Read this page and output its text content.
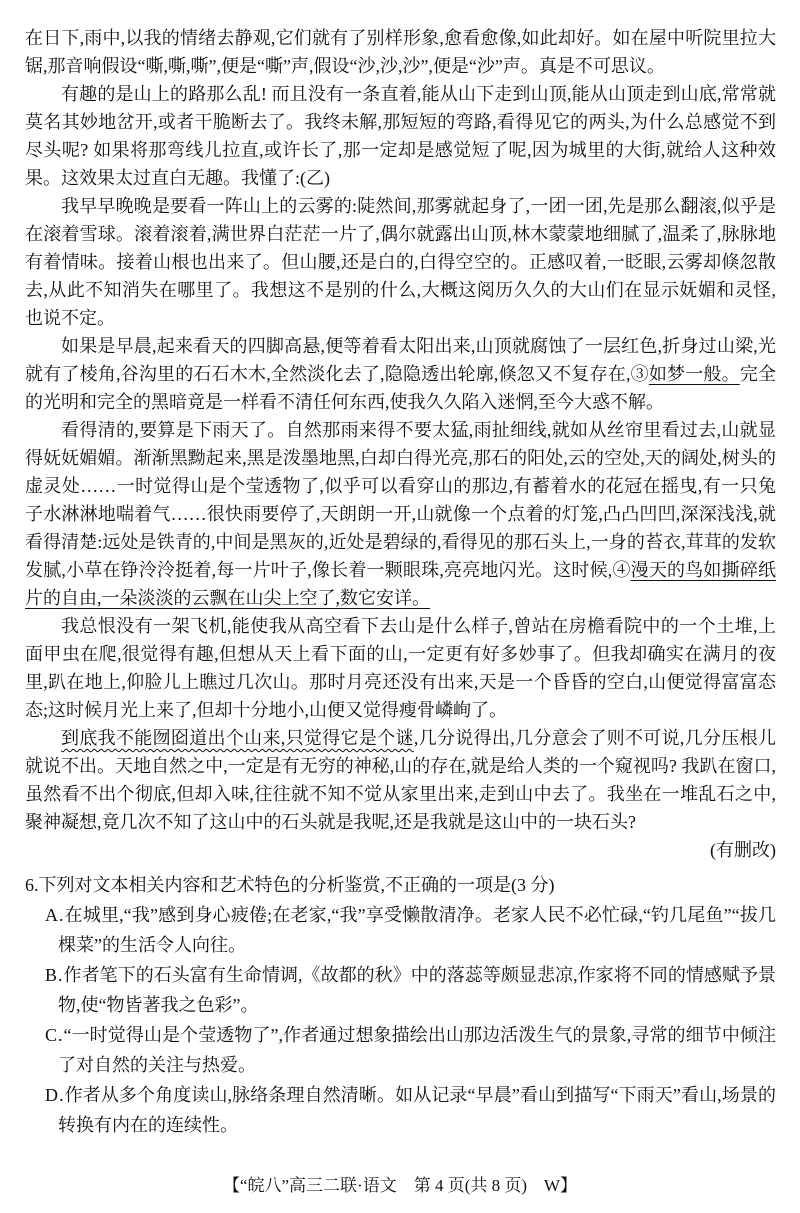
在日下,雨中,以我的情绪去静观,它们就有了别样形象,愈看愈像,如此却好。如在屋中听院里拉大锯,那音响假设“嘶,嘶,嘶”,便是“嘶”声,假设“沙,沙,沙”,便是“沙”声。真是不可思议。

有趣的是山上的路那么乱! 而且没有一条直着,能从山下走到山顶,能从山顶走到山底,常常就莫名其妙地岔开,或者干脆断去了。我终未解,那短短的弯路,看得见它的两头,为什么总感觉不到尽头呢? 如果将那弯线儿拉直,或许长了,那一定却是感觉短了呢,因为城里的大街,就给人这种效果。这效果太过直白无趣。我懂了:(乙)

我早早晚晚是要看一阵山上的云雾的:陡然间,那雾就起身了,一团一团,先是那么翻滚,似乎是在滚着雪球。滚着滚着,满世界白茫茫一片了,偶尔就露出山顶,林木蒙蒙地细腻了,温柔了,脉脉地有着情味。接着山根也出来了。但山腰,还是白的,白得空空的。正感叹着,一眨眼,云雾却倏忽散去,从此不知消失在哪里了。我想这不是别的什么,大概这阅历久久的大山们在显示妩媚和灵怪,也说不定。

如果是早晨,起来看天的四脚高悬,便等着看太阳出来,山顶就腐蚀了一层红色,折身过山梁,光就有了棱角,谷沟里的石石木木,全然淡化去了,隐隐透出轮廓,倏忽又不复存在,③如梦一般。完全的光明和完全的黑暗竟是一样看不清任何东西,使我久久陷入迷惘,至今大惑不解。

看得清的,要算是下雨天了。自然那雨来得不要太猛,雨扯细线,就如从丝帘里看过去,山就显得妩妩媚媚。渐渐黑黝起来,黑是泼墨地黑,白却白得光亮,那石的阳处,云的空处,天的阔处,树头的虚灵处……一时觉得山是个莹透物了,似乎可以看穿山的那边,有蓄着水的花冠在摇曳,有一只兔子水淋淋地喘着气……很快雨要停了,天朗朗一开,山就像一个点着的灯笼,凸凸凹凹,深深浅浅,就看得清楚:远处是铁青的,中间是黑灰的,近处是碧绿的,看得见的那石头上,一身的苔衣,茸茸的发软发腻,小草在铮泠泠挺着,每一片叶子,像长着一颗眼珠,亮亮地闪光。这时候,④漫天的鸟如撕碎纸片的自由,一朵淡淡的云飘在山尖上空了,数它安详。

我总恨没有一架飞机,能使我从高空看下去山是什么样子,曾站在房檐看院中的一个土堆,上面甲虫在爬,很觉得有趣,但想从天上看下面的山,一定更有好多妙事了。但我却确实在满月的夜里,趴在地上,仰脸儿上瞧过几次山。那时月亮还没有出来,天是一个昏昏的空白,山便觉得富富态态;这时候月光上来了,但却十分地小,山便又觉得瘦骨嶙峋了。

到底我不能囫囵道出个山来,只觉得它是个谜,几分说得出,几分意会了则不可说,几分压根儿就说不出。天地自然之中,一定是有无穷的神秘,山的存在,就是给人类的一个窥视吗? 我趴在窗口,虽然看不出个彻底,但却入味,往往就不知不觉从家里出来,走到山中去了。我坐在一堆乱石之中,聚神凝想,竟几次不知了这山中的石头就是我呢,还是我就是这山中的一块石头?

(有删改)

6.下列对文本相关内容和艺术特色的分析鉴赏,不正确的一项是(3 分)

A.在城里,“我”感到身心疲倦;在老家,“我”享受懒散清净。老家人民不必忙碌,“钓几尾鱼”“拔几棵菜”的生活令人向往。

B.作者笔下的石头富有生命情调,《故都的秋》中的落蕊等颇显悲凉,作家将不同的情感赋予景物,使“物皆著我之色彩”。

C.“一时觉得山是个莹透物了”,作者通过想象描绘出山那边活泼生气的景象,寻常的细节中倾注了对自然的关注与热爱。

D.作者从多个角度读山,脉络条理自然清晰。如从记录“早晨”看山到描写“下雨天”看山,场景的转换有内在的连续性。

【“皖八”高三二联·语文　第 4 页(共 8 页)　W】
